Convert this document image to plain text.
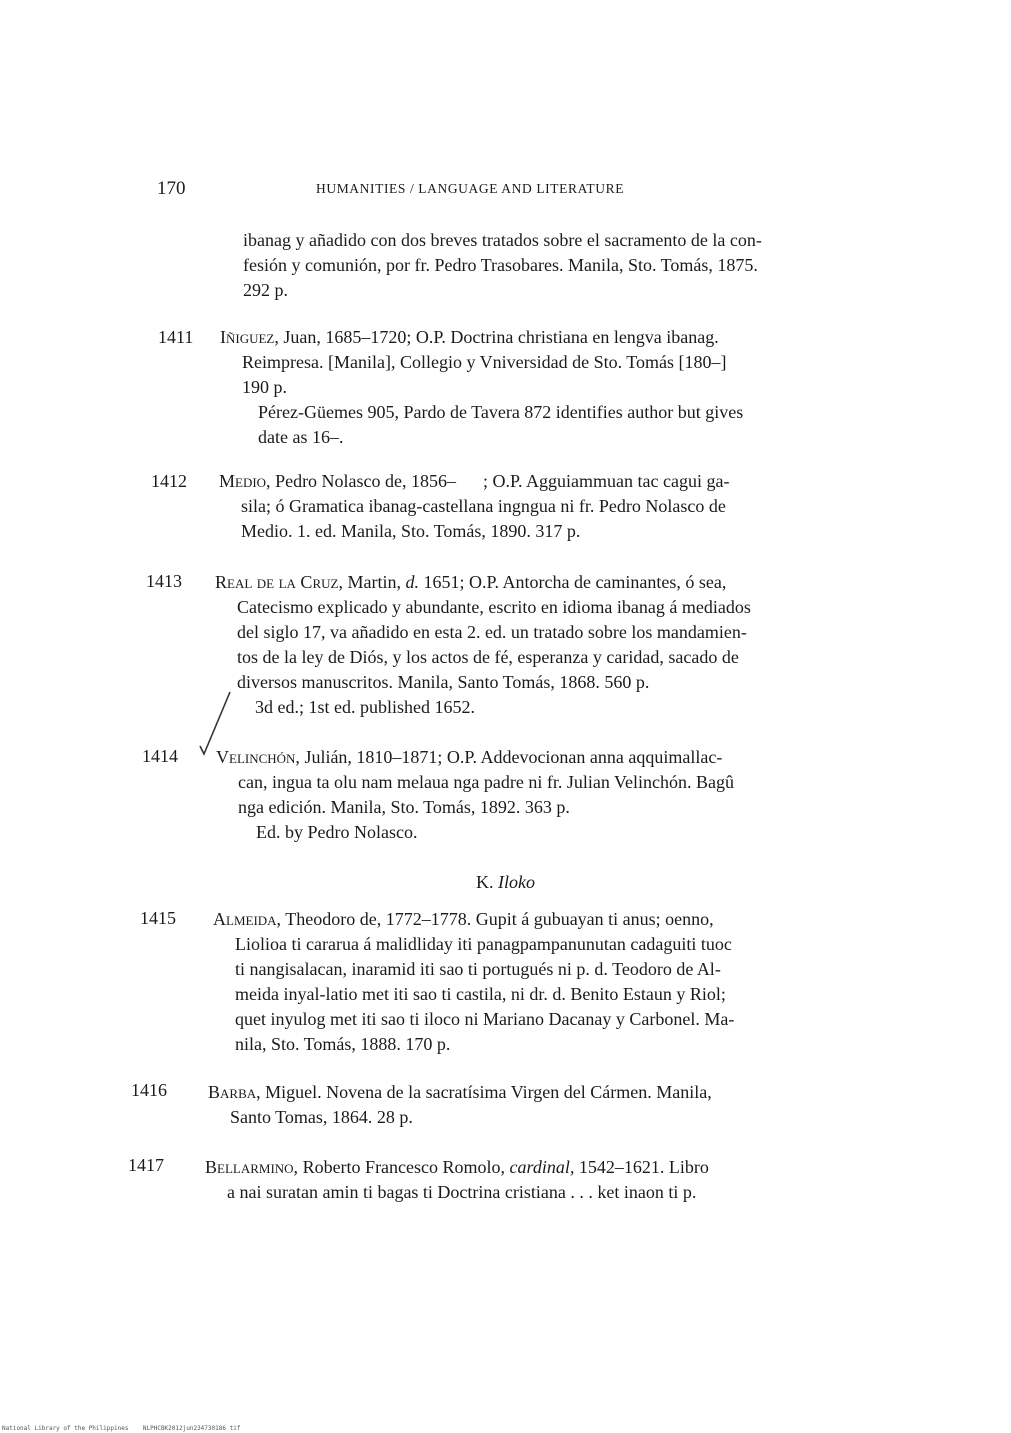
170	HUMANITIES / LANGUAGE AND LITERATURE
ibanag y añadido con dos breves tratados sobre el sacramento de la con-
fesión y comunión, por fr. Pedro Trasobares. Manila, Sto. Tomás, 1875.
292 p.
1411 Iñiguez, Juan, 1685–1720; O.P. Doctrina christiana en lengva ibanag.
Reimpresa. [Manila], Collegio y Vniversidad de Sto. Tomás [180–]
190 p.
Pérez-Güemes 905, Pardo de Tavera 872 identifies author but gives
date as 16–.
1412 Medio, Pedro Nolasco de, 1856–      ; O.P. Agguiammuan tac cagui ga-
sila; ó Gramatica ibanag-castellana ingngua ni fr. Pedro Nolasco de
Medio. 1. ed. Manila, Sto. Tomás, 1890. 317 p.
1413 Real de la Cruz, Martin, d. 1651; O.P. Antorcha de caminantes, ó sea,
Catecismo explicado y abundante, escrito en idioma ibanag á mediados
del siglo 17, va añadido en esta 2. ed. un tratado sobre los mandamien-
tos de la ley de Diós, y los actos de fé, esperanza y caridad, sacado de
diversos manuscritos. Manila, Santo Tomás, 1868. 560 p.
3d ed.; 1st ed. published 1652.
1414 Velinchón, Julián, 1810–1871; O.P. Addevocionan anna aqquimallac-
can, ingua ta olu nam melaua nga padre ni fr. Julian Velinchón. Bagû
nga edición. Manila, Sto. Tomás, 1892. 363 p.
Ed. by Pedro Nolasco.
K. Iloko
1415 Almeida, Theodoro de, 1772–1778. Gupit á gubuayan ti anus; oenno,
Liolioa ti cararua á malidliday iti panagpampanunutan cadaguiti tuoc
ti nangisalacan, inaramid iti sao ti portugués ni p. d. Teodoro de Al-
meida inyal-latio met iti sao ti castila, ni dr. d. Benito Estaun y Riol;
quet inyulog met iti sao ti iloco ni Mariano Dacanay y Carbonel. Ma-
nila, Sto. Tomás, 1888. 170 p.
1416 Barba, Miguel. Novena de la sacratísima Virgen del Cármen. Manila,
Santo Tomas, 1864. 28 p.
1417 Bellarmino, Roberto Francesco Romolo, cardinal, 1542–1621. Libro
a nai suratan amin ti bagas ti Doctrina cristiana . . . ket inaon ti p.
National Library of the Philippines    NLPHCBK2012jun234730186 tif
